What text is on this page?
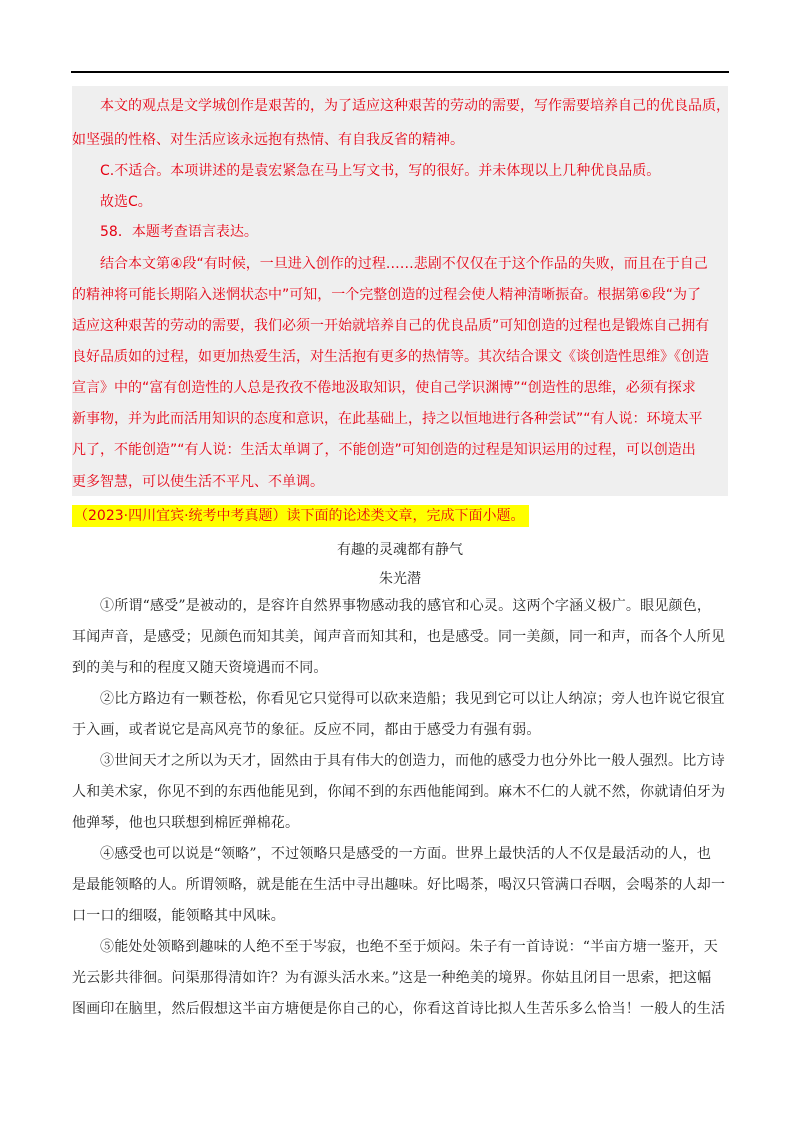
本文的观点是文学城创作是艰苦的，为了适应这种艰苦的劳动的需要，写作需要培养自己的优良品质，
如坚强的性格、对生活应该永远抱有热情、有自我反省的精神。
C.不适合。本项讲述的是袁宏紧急在马上写文书，写的很好。并未体现以上几种优良品质。
故选C。
58．本题考查语言表达。
结合本文第④段“有时候，一旦进入创作的过程……悲剧不仅仅在于这个作品的失败，而且在于自己
的精神将可能长期陷入迷惘状态中”可知，一个完整创造的过程会使人精神清晰振奋。根据第⑥段“为了
适应这种艰苦的劳动的需要，我们必须一开始就培养自己的优良品质”可知创造的过程也是锻炼自己拥有
良好品质如的过程，如更加热爱生活，对生活抱有更多的热情等。其次结合课文《谈创造性思维》《创造
宣言》中的“富有创造性的人总是孜孜不倦地汲取知识，使自己学识渊博”“创造性的思维，必须有探求
新事物，并为此而活用知识的态度和意识，在此基础上，持之以恒地进行各种尝试”“有人说：环境太平
凡了，不能创造”“有人说：生活太单调了，不能创造”可知创造的过程是知识运用的过程，可以创造出
更多智慧，可以使生活不平凡、不单调。
（2023·四川宜宾·统考中考真题）读下面的论述类文章，完成下面小题。
有趣的灵魂都有静气
朱光潜
①所谓“感受”是被动的，是容许自然界事物感动我的感官和心灵。这两个字涵义极广。眼见颜色，
耳闻声音，是感受；见颜色而知其美，闻声音而知其和，也是感受。同一美颜，同一和声，而各个人所见
到的美与和的程度又随天资境遇而不同。
②比方路边有一颗苍松，你看见它只觉得可以砍来造船；我见到它可以让人纳凉；旁人也许说它很宜
于入画，或者说它是高风亮节的象征。反应不同，都由于感受力有强有弱。
③世间天才之所以为天才，固然由于具有伟大的创造力，而他的感受力也分外比一般人强烈。比方诗
人和美术家，你见不到的东西他能见到，你闻不到的东西他能闻到。麻木不仁的人就不然，你就请伯牙为
他弹琴，他也只联想到棉匠弹棉花。
④感受也可以说是“领略”，不过领略只是感受的一方面。世界上最快活的人不仅是最活动的人，也
是最能领略的人。所谓领略，就是能在生活中寻出趣味。好比喝茶，喝汉只管满口吞咽，会喝茶的人却一
口一口的细啜，能领略其中风味。
⑤能处处领略到趣味的人绝不至于岑寂，也绝不至于烦闷。朱子有一首诗说：“半亩方塘一鉴开，天
光云影共徘徊。问渠那得清如许？为有源头活水来。”这是一种绝美的境界。你姑且闭目一思索，把这幅
图画印在脑里，然后假想这半亩方塘便是你自己的心，你看这首诗比拟人生苦乐多么恰当！一般人的生活
